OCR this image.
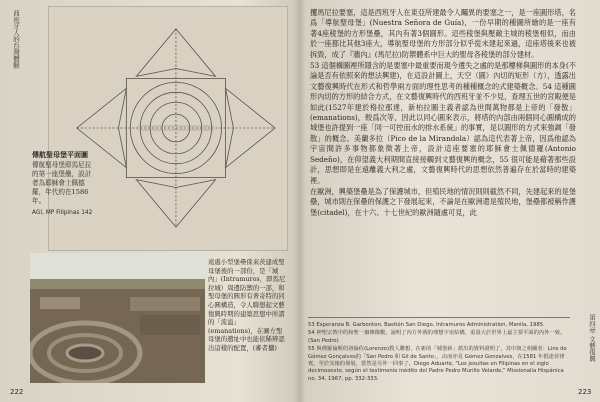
西班牙人的台灣體驗
傳航聖母堡平面圖
傳航聖母堡即馬尼拉的第一座堡壘，設計者為耶穌會士佩德羅，年代約在1586年。
AGI, MP Filipinas 142
遠處小型堡壘係來茨建成聖母堡後的一部份，是「城內」(Intramuros，即馬尼拉城）周邊防禦的一部，和聖母堡的圓形有著奇特的同心圓構造，令人聯想起文藝復興時期的建築思想中所謂的「流溢」(emanations)，在圖左聖母堡的遺址中也能依稀辨認出這樣的配置，(審者攝)
222

攫馬尼拉要塞，這是西班牙人在東亞所建最令人矚異的要塞之一，是一座圓形塔，名爲「導航聖母堡」(Nuestra Señora de Guía)，一份早期的種圖所繪的是一座有著4座稜堡的方形堡壘，其內有著3個圓形。這些稜堡與壓敵主城的稜堡相似，而由於一座都比其他3座大，導航聖母堡的方形部分似乎從未建起來過，這座塔後來也被拆毀，成了『牆內』(馬尼拉)防禦體系中巨大的聖母各稜堡的部分建材。

53 這個構圖裡所隱含的是要塞中最重要而現今遺失之處的是那樓梯與圓形的本身(不論是否有依照來的想法興建)，在這設計圖上，天空（圓）內切的矩形（方），透露出文藝復興時代在形式和哲學兩方面的理性思考的種種概念的式建築概念。54 這種圓形內切的方形的結合方式，在文藝復興時代的西班牙並不少見，查理五世的宮殿便是如此(1527年建於格拉那達，新柏拉圖主義者認為世間萬物都是上帝的「發散」(emanations)，較爲次等，因此以同心圓來表示，將塔的內部由兩個同心圓構成的城堡也許提到一座「同一可控而水的排水系統」的事實，是以圓形的方式來強調「發散」的概念。美蘭多拉（Pico de la Mirandola）認為這代表著上帝，因爲他認為宇宙間許多事物都象徵著上帝，設計這座要塞的耶穌會士佩德羅(Antonio Sedeño)，在仰望義大利期間直接接觸到文藝復興的概念，55 很可能是藉著那些設計，思想即是在遠離義大利之處，文藝復興時代的思想依然普遍存在於當時的建築裡。

在歐洲，興築堡壘是為了保護城市，但殖民地的情況則則截然不同，先建起來的是堡壘，城市則在保壘的保護之下發展起來，不論是在歐洲還是殖民地，堡壘都被稱作護堡(citadel)，在十六、十七世紀的歐洲隨處可見，此

53 Esperanza B. Garbonton, Bastión San Diego, Intramuros Administration, Manila, 1985.
54 神聖宗教中的和聖一個佛像數，說明了內方外圓的理想宇宙結構，重量大於世界上最主要平面的內外一致。(San Pedro)
55 與佛羅倫斯的洛倫佐(Lorenzo)教人聯想，在新的「城堡新」派出的資料證明了，其中與之相關者：Lins de Gómez Gonçalves的「San Pedro 和 Gil de Santo」，由而亦見 Gómez Gonzalves，在1581 年抵達菲律賓，至於其後的發展，當然是另外一回事了。Diego Aduarte, "Los jesuitas en Filipinas en el siglo decimosexto, según el testimonio inédito del Padre Pedro Murillo Velarde," Missionalia Hispánica no. 34, 1967, pp. 332-333.
第四章 文藝復興
223
